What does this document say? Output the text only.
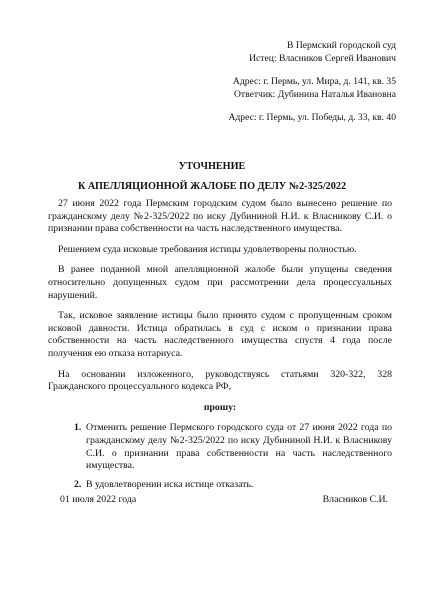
В Пермский городской суд
Истец: Власников Сергей Иванович
Адрес: г. Пермь, ул. Мира, д. 141, кв. 35
Ответчик: Дубинина Наталья Ивановна
Адрес: г. Пермь, ул. Победы, д. 33, кв. 40
УТОЧНЕНИЕ
К АПЕЛЛЯЦИОННОЙ ЖАЛОБЕ ПО ДЕЛУ №2-325/2022

27 июня 2022 года Пермским городским судом было вынесено решение по гражданскому делу №2-325/2022 по иску Дубининой Н.И. к Власникову С.И. о признании права собственности на часть наследственного имущества.

Решением суда исковые требования истицы удовлетворены полностью.

В ранее поданной мной апелляционной жалобе были упущены сведения относительно допущенных судом при рассмотрении дела процессуальных нарушений.

Так, исковое заявление истицы было принято судом с пропущенным сроком исковой давности. Истица обратилась в суд с иском о признании права собственности на часть наследственного имущества спустя 4 года после получения ею отказа нотариуса.

На основании изложенного, руководствуясь статьями 320-322, 328 Гражданского процессуального кодекса РФ,

прошу:
1. Отменить решение Пермского городского суда от 27 июня 2022 года по гражданскому делу №2-325/2022 по иску Дубининой Н.И. к Власникову С.И. о признании права собственности на часть наследственного имущества.
2. В удовлетворении иска истице отказать.
01 июля 2022 года	Власников С.И.
